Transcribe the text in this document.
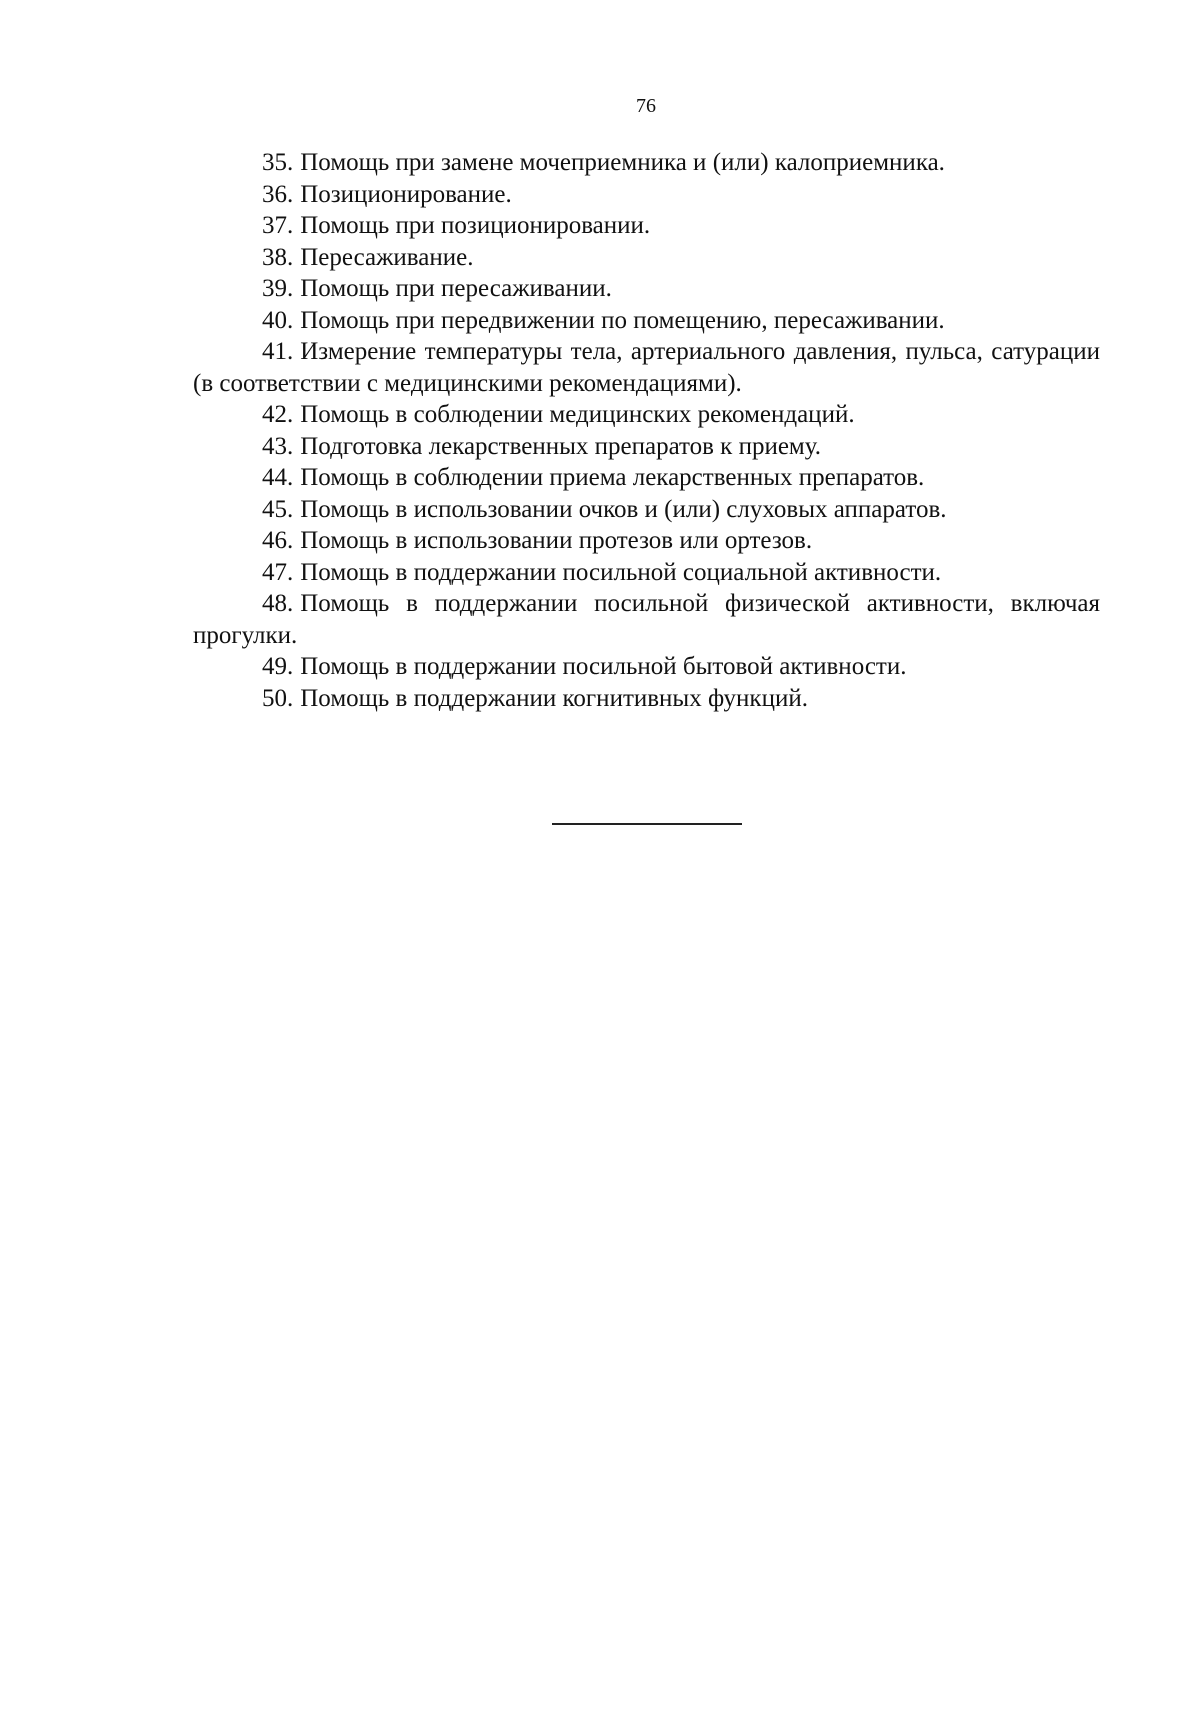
76
35. Помощь при замене мочеприемника и (или) калоприемника.
36. Позиционирование.
37. Помощь при позиционировании.
38. Пересаживание.
39. Помощь при пересаживании.
40. Помощь при передвижении по помещению, пересаживании.
41. Измерение температуры тела, артериального давления, пульса, сатурации (в соответствии с медицинскими рекомендациями).
42. Помощь в соблюдении медицинских рекомендаций.
43. Подготовка лекарственных препаратов к приему.
44. Помощь в соблюдении приема лекарственных препаратов.
45. Помощь в использовании очков и (или) слуховых аппаратов.
46. Помощь в использовании протезов или ортезов.
47. Помощь в поддержании посильной социальной активности.
48. Помощь в поддержании посильной физической активности, включая прогулки.
49. Помощь в поддержании посильной бытовой активности.
50. Помощь в поддержании когнитивных функций.
